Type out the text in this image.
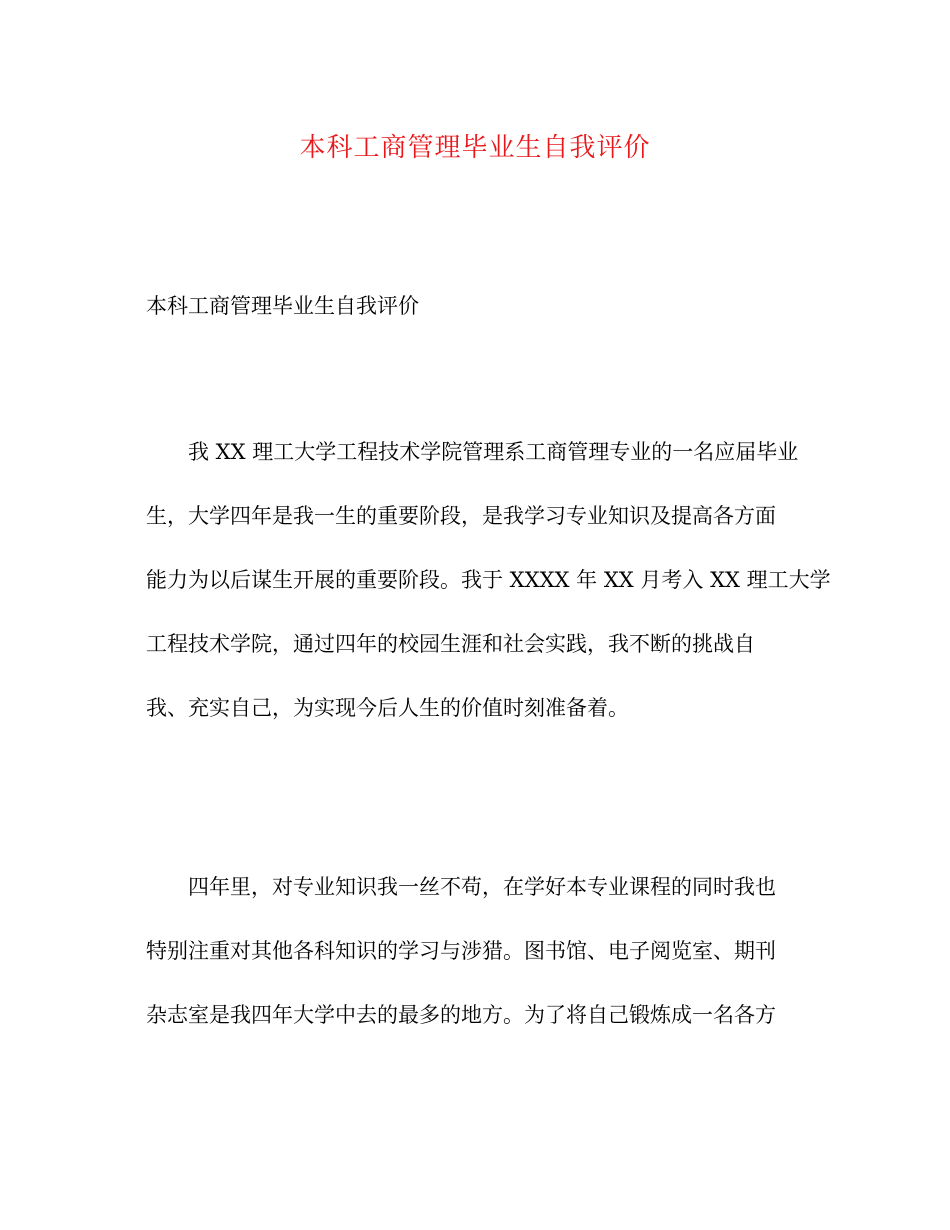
本科工商管理毕业生自我评价
本科工商管理毕业生自我评价

我 XX 理工大学工程技术学院管理系工商管理专业的一名应届毕业
生，大学四年是我一生的重要阶段，是我学习专业知识及提高各方面
能力为以后谋生开展的重要阶段。我于 XXXX 年 XX 月考入 XX 理工大学
工程技术学院，通过四年的校园生涯和社会实践，我不断的挑战自
我、充实自己，为实现今后人生的价值时刻准备着。

四年里，对专业知识我一丝不苟，在学好本专业课程的同时我也
特别注重对其他各科知识的学习与涉猎。图书馆、电子阅览室、期刊
杂志室是我四年大学中去的最多的地方。为了将自己锻炼成一名各方
